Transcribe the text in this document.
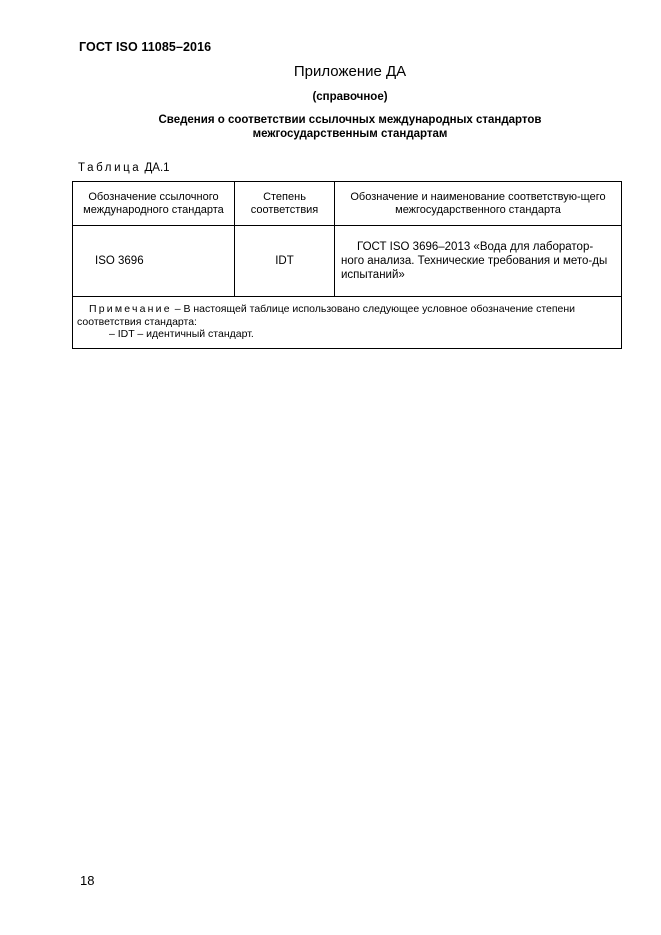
ГОСТ ISO 11085–2016
Приложение ДА
(справочное)
Сведения о соответствии ссылочных международных стандартов
межгосударственным стандартам
Таблица ДА.1
Обозначение ссылочного международного стандарта	Степень соответствия	Обозначение и наименование соответствую-щего межгосударственного стандарта

ISO 3696	IDT	ГОСТ ISO 3696–2013 «Вода для лаборатор-ного анализа. Технические требования и мето-ды испытаний»

Примечание – В настоящей таблице использовано следующее условное обозначение степени соответствия стандарта:
– IDT – идентичный стандарт.		
18
